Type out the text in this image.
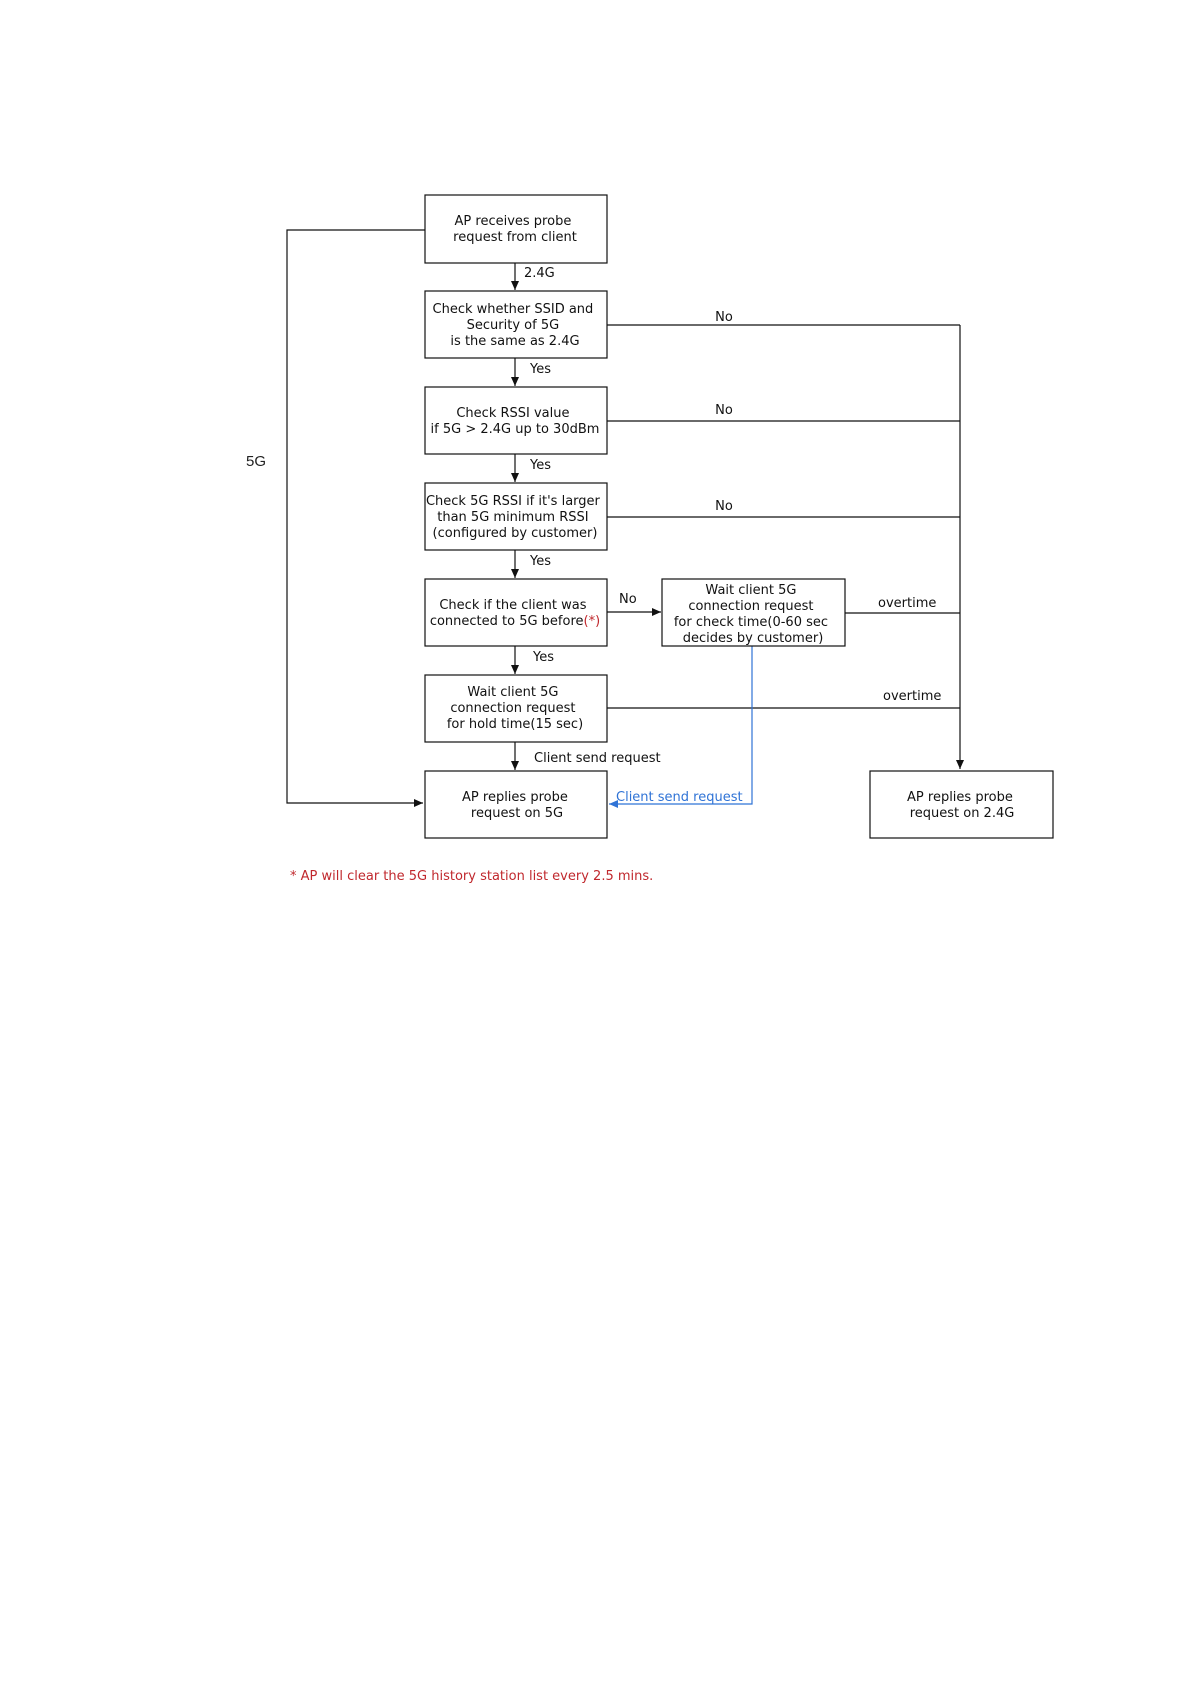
AP receives probe request from client
Check whether SSID and Security of 5G is the same as 2.4G
Check RSSI value if 5G > 2.4G up to 30dBm
Check 5G RSSI if it's larger than 5G minimum RSSI (configured by customer)
Check if the client was connected to 5G before(*)
Wait client 5G connection request for check time(0-60 sec decides by customer)
Wait client 5G connection request for hold time(15 sec)
AP replies probe request on 5G
AP replies probe request on 2.4G
5G
2.4G
Yes
Yes
Yes
Yes
No
No
No
No	overtime
overtime
Client send request
Client send request
* AP will clear the 5G history station list every 2.5 mins.
